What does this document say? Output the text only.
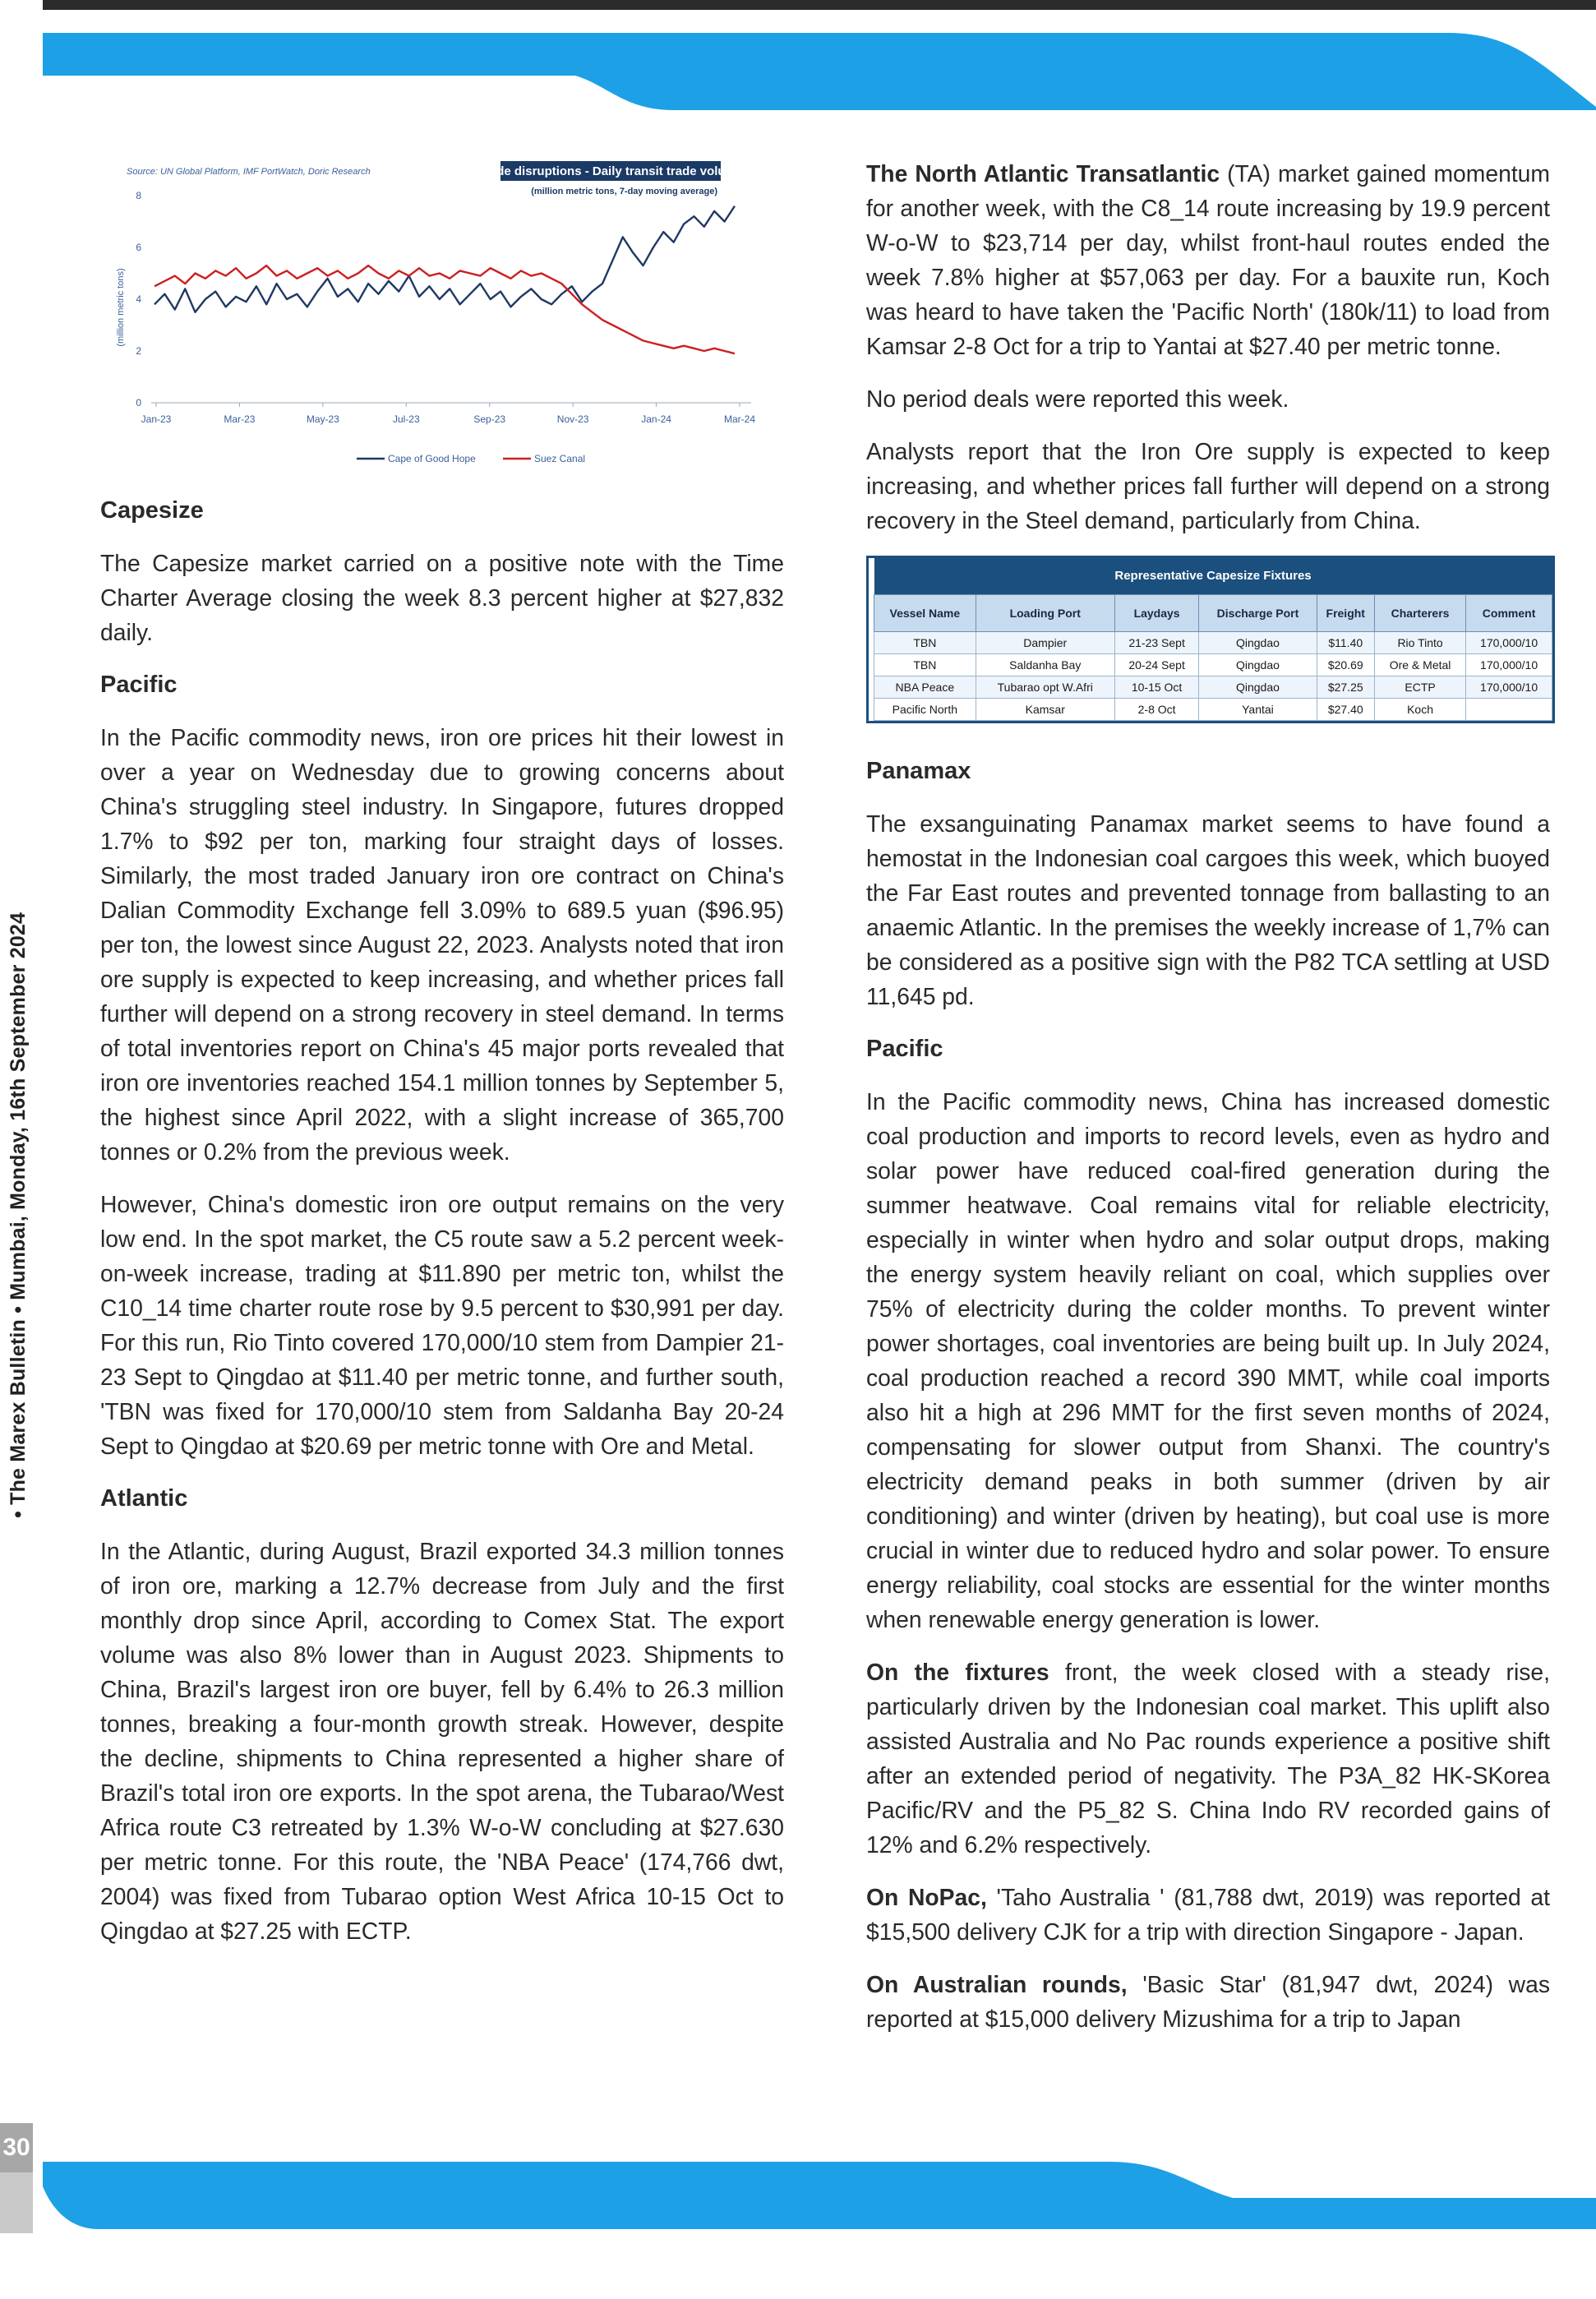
• The Marex Bulletin • Mumbai, Monday, 16th September 2024
30
Source: UN Global Platform, IMF PortWatch, Doric Research	Trade disruptions - Daily transit trade volume
(million metric tons, 7-day moving average)
(million metric tons)
0
2
4
6
8
Jan-23	Mar-23	May-23	Jul-23	Sep-23	Nov-23	Jan-24	Mar-24
Cape of Good Hope	Suez Canal
Capesize

The Capesize market carried on a positive note with the Time Charter Average closing the week 8.3 percent higher at $27,832 daily.

Pacific

In the Pacific commodity news, iron ore prices hit their lowest in over a year on Wednesday due to growing concerns about China's struggling steel industry. In Singapore, futures dropped 1.7% to $92 per ton, marking four straight days of losses. Similarly, the most traded January iron ore contract on China's Dalian Commodity Exchange fell 3.09% to 689.5 yuan ($96.95) per ton, the lowest since August 22, 2023. Analysts noted that iron ore supply is expected to keep increasing, and whether prices fall further will depend on a strong recovery in steel demand. In terms of total inventories report on China's 45 major ports revealed that iron ore inventories reached 154.1 million tonnes by September 5, the highest since April 2022, with a slight increase of 365,700 tonnes or 0.2% from the previous week.

However, China's domestic iron ore output remains on the very low end. In the spot market, the C5 route saw a 5.2 percent week-on-week increase, trading at $11.890 per metric ton, whilst the C10_14 time charter route rose by 9.5 percent to $30,991 per day. For this run, Rio Tinto covered 170,000/10 stem from Dampier 21-23 Sept to Qingdao at $11.40 per metric tonne, and further south, 'TBN was fixed for 170,000/10 stem from Saldanha Bay 20-24 Sept to Qingdao at $20.69 per metric tonne with Ore and Metal.

Atlantic

In the Atlantic, during August, Brazil exported 34.3 million tonnes of iron ore, marking a 12.7% decrease from July and the first monthly drop since April, according to Comex Stat. The export volume was also 8% lower than in August 2023. Shipments to China, Brazil's largest iron ore buyer, fell by 6.4% to 26.3 million tonnes, breaking a four-month growth streak. However, despite the decline, shipments to China represented a higher share of Brazil's total iron ore exports. In the spot arena, the Tubarao/West Africa route C3 retreated by 1.3% W-o-W concluding at $27.630 per metric tonne. For this route, the 'NBA Peace' (174,766 dwt, 2004) was fixed from Tubarao option West Africa 10-15 Oct to Qingdao at $27.25 with ECTP.

The North Atlantic Transatlantic (TA) market gained momentum for another week, with the C8_14 route increasing by 19.9 percent W-o-W to $23,714 per day, whilst front-haul routes ended the week 7.8% higher at $57,063 per day. For a bauxite run, Koch was heard to have taken the 'Pacific North' (180k/11) to load from Kamsar 2-8 Oct for a trip to Yantai at $27.40 per metric tonne.

No period deals were reported this week.

Analysts report that the Iron Ore supply is expected to keep increasing, and whether prices fall further will depend on a strong recovery in the Steel demand, particularly from China.

Representative Capesize Fixtures						
Vessel Name	Loading Port	Laydays	Discharge Port	Freight	Charterers	Comment
TBN	Dampier	21-23 Sept	Qingdao	$11.40	Rio Tinto	170,000/10
TBN	Saldanha Bay	20-24 Sept	Qingdao	$20.69	Ore & Metal	170,000/10
NBA Peace	Tubarao opt W.Afri	10-15 Oct	Qingdao	$27.25	ECTP	170,000/10
Pacific North	Kamsar	2-8 Oct	Yantai	$27.40	Koch	
Panamax

The exsanguinating Panamax market seems to have found a hemostat in the Indonesian coal cargoes this week, which buoyed the Far East routes and prevented tonnage from ballasting to an anaemic Atlantic. In the premises the weekly increase of 1,7% can be considered as a positive sign with the P82 TCA settling at USD 11,645 pd.

Pacific

In the Pacific commodity news, China has increased domestic coal production and imports to record levels, even as hydro and solar power have reduced coal-fired generation during the summer heatwave. Coal remains vital for reliable electricity, especially in winter when hydro and solar output drops, making the energy system heavily reliant on coal, which supplies over 75% of electricity during the colder months. To prevent winter power shortages, coal inventories are being built up. In July 2024, coal production reached a record 390 MMT, while coal imports also hit a high at 296 MMT for the first seven months of 2024, compensating for slower output from Shanxi. The country's electricity demand peaks in both summer (driven by air conditioning) and winter (driven by heating), but coal use is more crucial in winter due to reduced hydro and solar power. To ensure energy reliability, coal stocks are essential for the winter months when renewable energy generation is lower.

On the fixtures front, the week closed with a steady rise, particularly driven by the Indonesian coal market. This uplift also assisted Australia and No Pac rounds experience a positive shift after an extended period of negativity. The P3A_82 HK-SKorea Pacific/RV and the P5_82 S. China Indo RV recorded gains of 12% and 6.2% respectively.

On NoPac, 'Taho Australia ' (81,788 dwt, 2019) was reported at $15,500 delivery CJK for a trip with direction Singapore - Japan.

On Australian rounds, 'Basic Star' (81,947 dwt, 2024) was reported at $15,000 delivery Mizushima for a trip to Japan
